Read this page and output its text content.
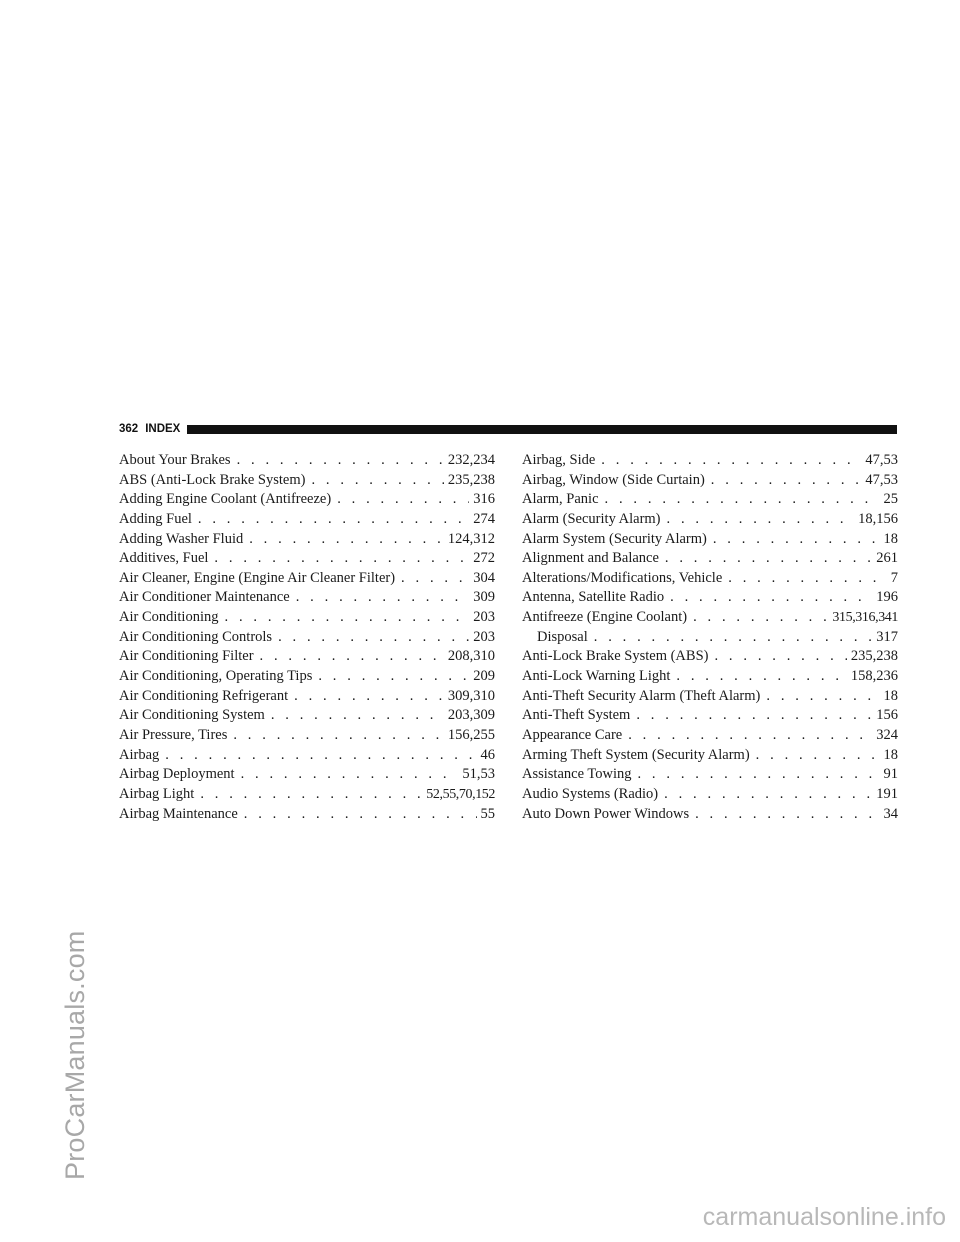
ProCarManuals.com
362 INDEX
About Your Brakes . . .	232,234
ABS (Anti-Lock Brake System) . . .	235,238
Adding Engine Coolant (Antifreeze) . . .	316
Adding Fuel . . .	274
Adding Washer Fluid . . .	124,312
Additives, Fuel . . .	272
Air Cleaner, Engine (Engine Air Cleaner Filter) . . .	304
Air Conditioner Maintenance . . .	309
Air Conditioning . . .	203
Air Conditioning Controls . . .	203
Air Conditioning Filter . . .	208,310
Air Conditioning, Operating Tips . . .	209
Air Conditioning Refrigerant . . .	309,310
Air Conditioning System . . .	203,309
Air Pressure, Tires . . .	156,255
Airbag . . .	46
Airbag Deployment . . .	51,53
Airbag Light . . .	52,55,70,152
Airbag Maintenance . . .	55
Airbag, Side . . .	47,53
Airbag, Window (Side Curtain) . . .	47,53
Alarm, Panic . . .	25
Alarm (Security Alarm) . . .	18,156
Alarm System (Security Alarm) . . .	18
Alignment and Balance . . .	261
Alterations/Modifications, Vehicle . . .	7
Antenna, Satellite Radio . . .	196
Antifreeze (Engine Coolant) . . .	315,316,341
Disposal . . .	317
Anti-Lock Brake System (ABS) . . .	235,238
Anti-Lock Warning Light . . .	158,236
Anti-Theft Security Alarm (Theft Alarm) . . .	18
Anti-Theft System . . .	156
Appearance Care . . .	324
Arming Theft System (Security Alarm) . . .	18
Assistance Towing . . .	91
Audio Systems (Radio) . . .	191
Auto Down Power Windows . . .	34
carmanualsonline.info
